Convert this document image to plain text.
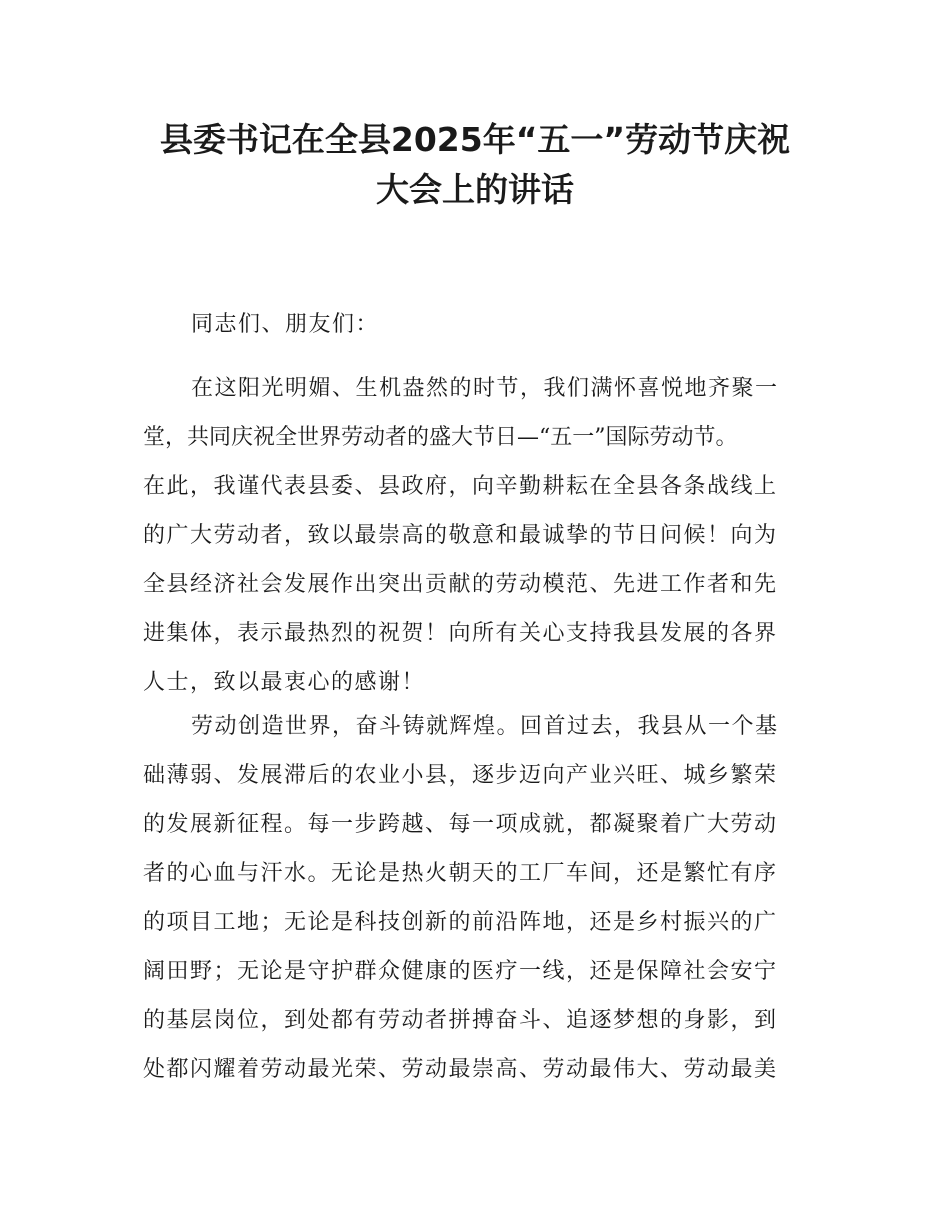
县委书记在全县2025年“五一”劳动节庆祝
大会上的讲话
同志们、朋友们：
在这阳光明媚、生机盎然的时节，我们满怀喜悦地齐聚一
堂，共同庆祝全世界劳动者的盛大节日—“五一”国际劳动节。
在此，我谨代表县委、县政府，向辛勤耕耘在全县各条战线上
的广大劳动者，致以最崇高的敬意和最诚挚的节日问候！向为
全县经济社会发展作出突出贡献的劳动模范、先进工作者和先
进集体，表示最热烈的祝贺！向所有关心支持我县发展的各界
人士，致以最衷心的感谢！
劳动创造世界，奋斗铸就辉煌。回首过去，我县从一个基
础薄弱、发展滞后的农业小县，逐步迈向产业兴旺、城乡繁荣
的发展新征程。每一步跨越、每一项成就，都凝聚着广大劳动
者的心血与汗水。无论是热火朝天的工厂车间，还是繁忙有序
的项目工地；无论是科技创新的前沿阵地，还是乡村振兴的广
阔田野；无论是守护群众健康的医疗一线，还是保障社会安宁
的基层岗位，到处都有劳动者拼搏奋斗、追逐梦想的身影，到
处都闪耀着劳动最光荣、劳动最崇高、劳动最伟大、劳动最美
